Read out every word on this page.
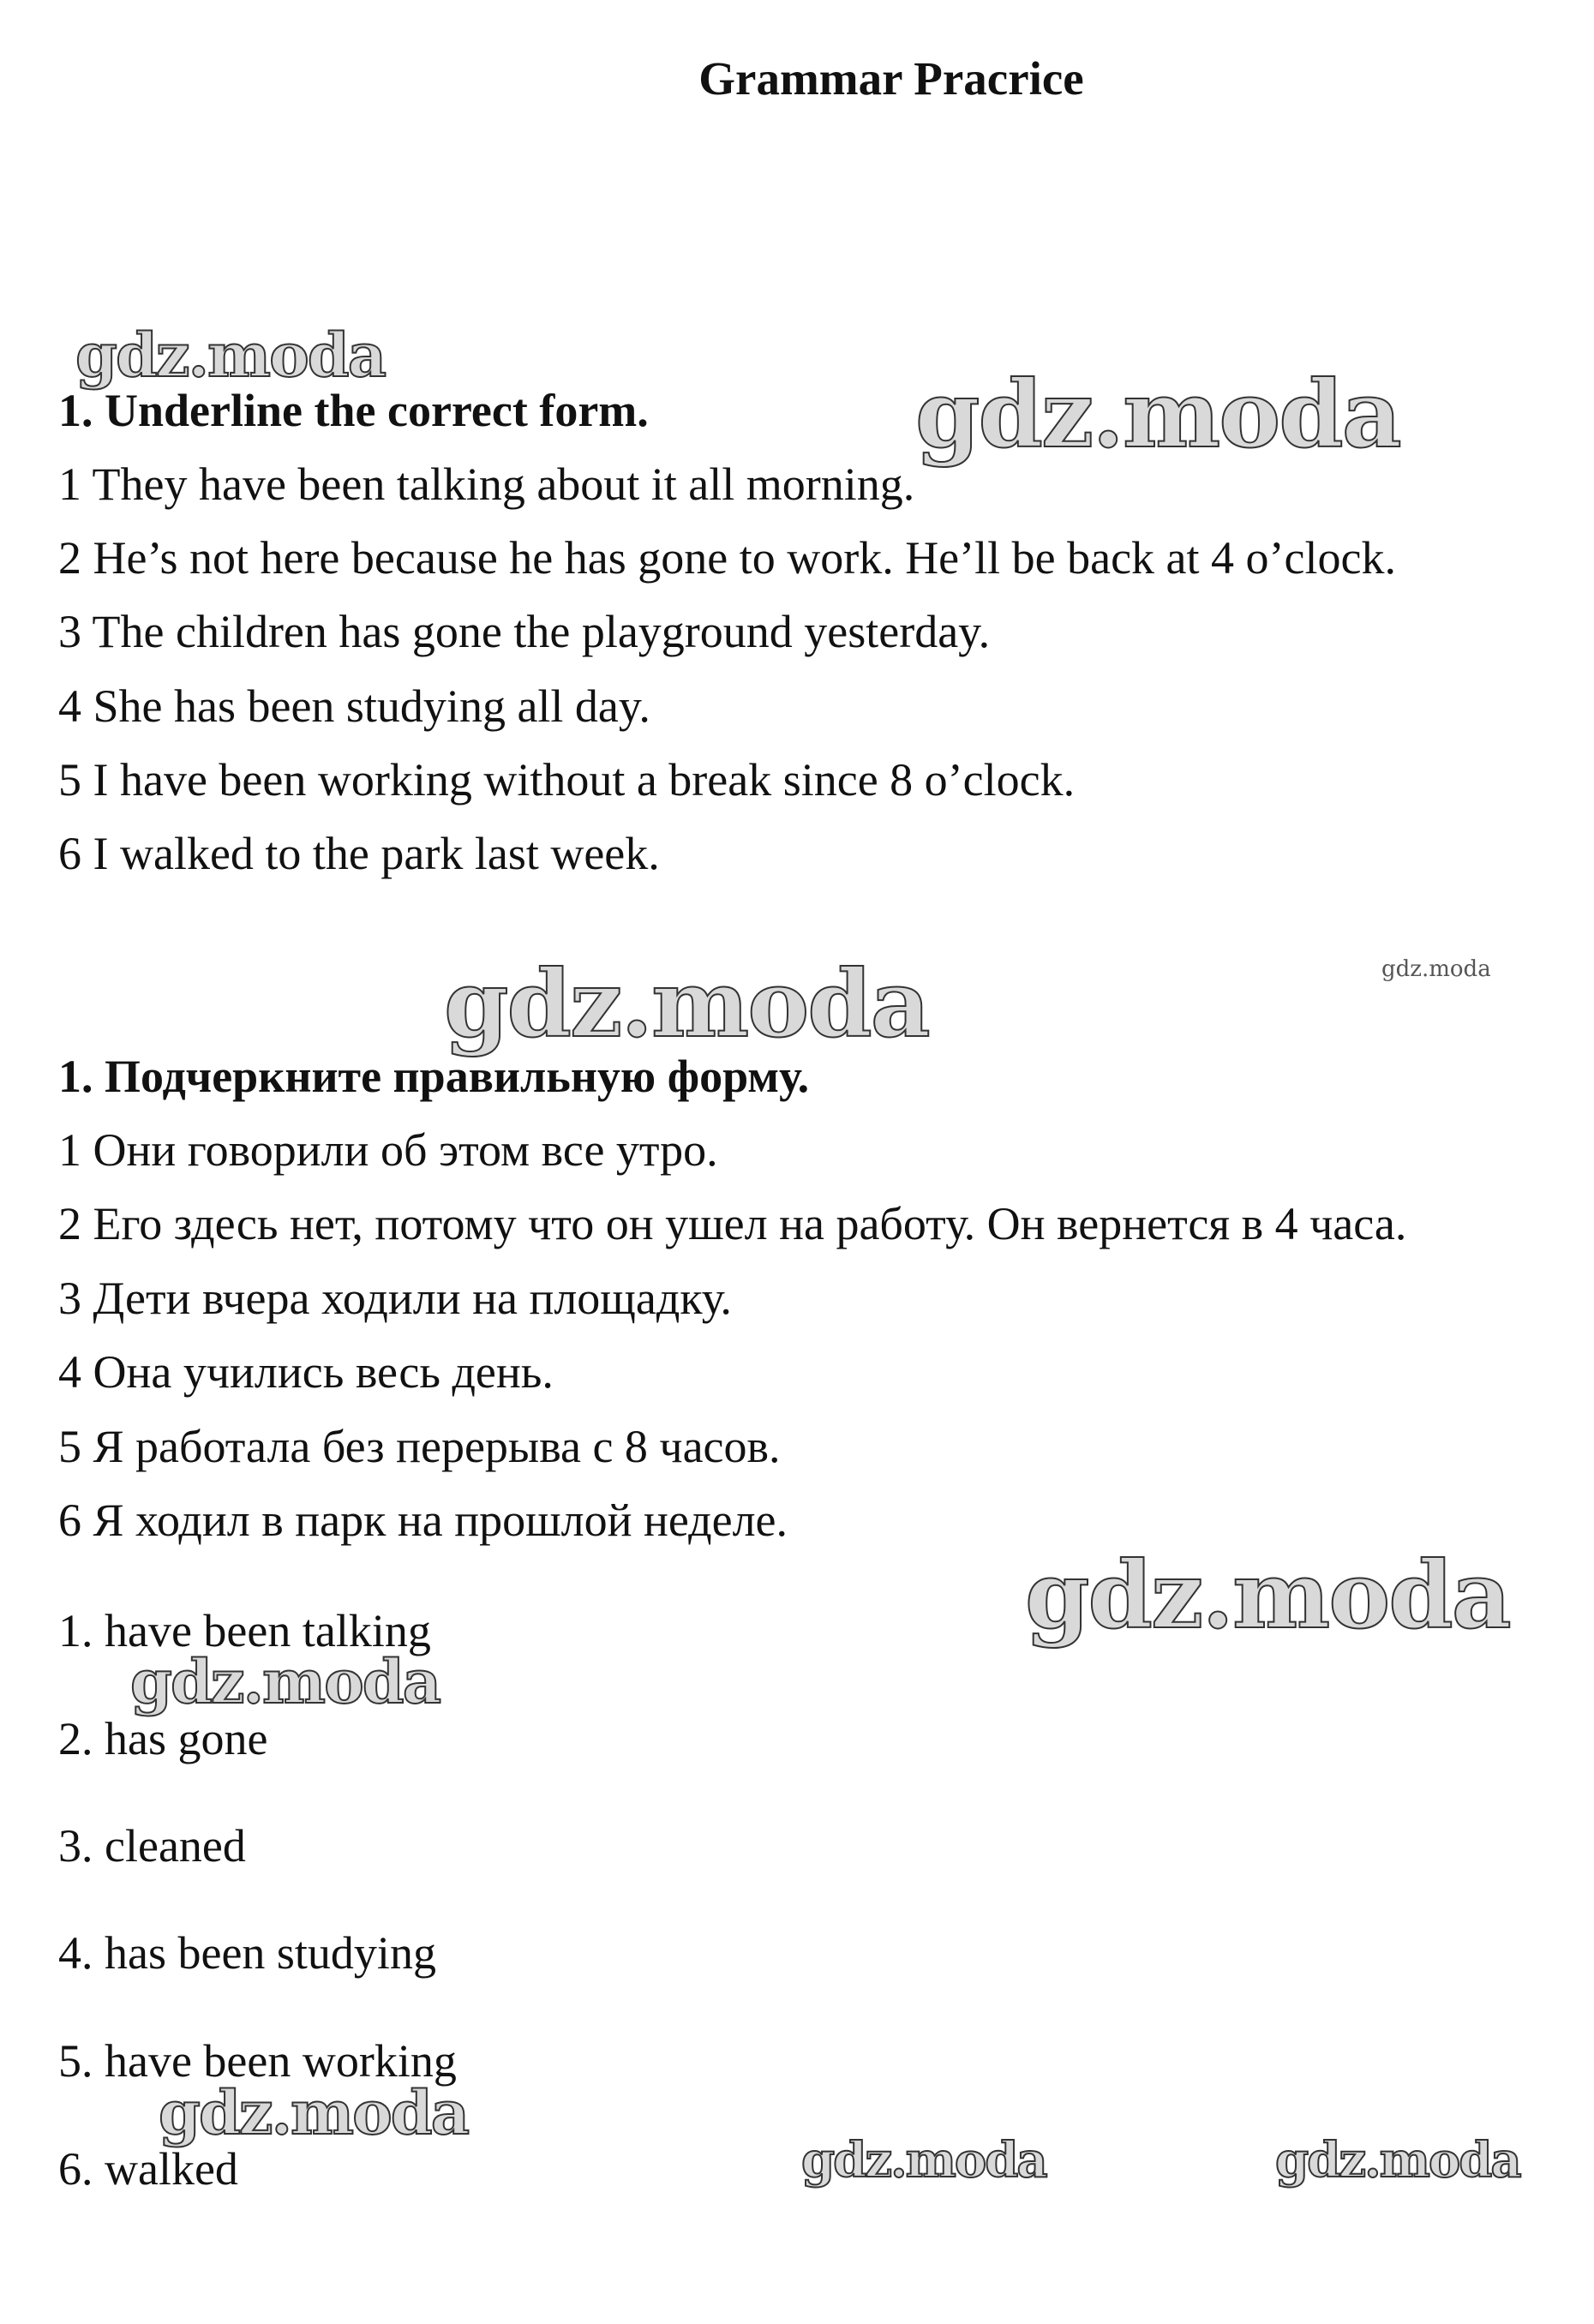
Grammar Pracrice
gdz.moda
gdz.moda
1. Underline the correct form.
1 They have been talking about it all morning.
2 He’s not here because he has gone to work. He’ll be back at 4 o’clock.
3 The children has gone the playground yesterday.
4 She has been studying all day.
5 I have been working without a break since 8 o’clock.
6 I walked to the park last week.
gdz.moda	gdz.moda
1. Подчеркните правильную форму.
1 Они говорили об этом все утро.
2 Его здесь нет, потому что он ушел на работу. Он вернется в 4 часа.
3 Дети вчера ходили на площадку.
4 Она учились весь день.
5 Я работала без перерыва с 8 часов.
6 Я ходил в парк на прошлой неделе.
gdz.moda
1. have been talking
gdz.moda
2. has gone
3. cleaned
4. has been studying
5. have been working
gdz.moda
6. walked	gdz.moda	gdz.moda
